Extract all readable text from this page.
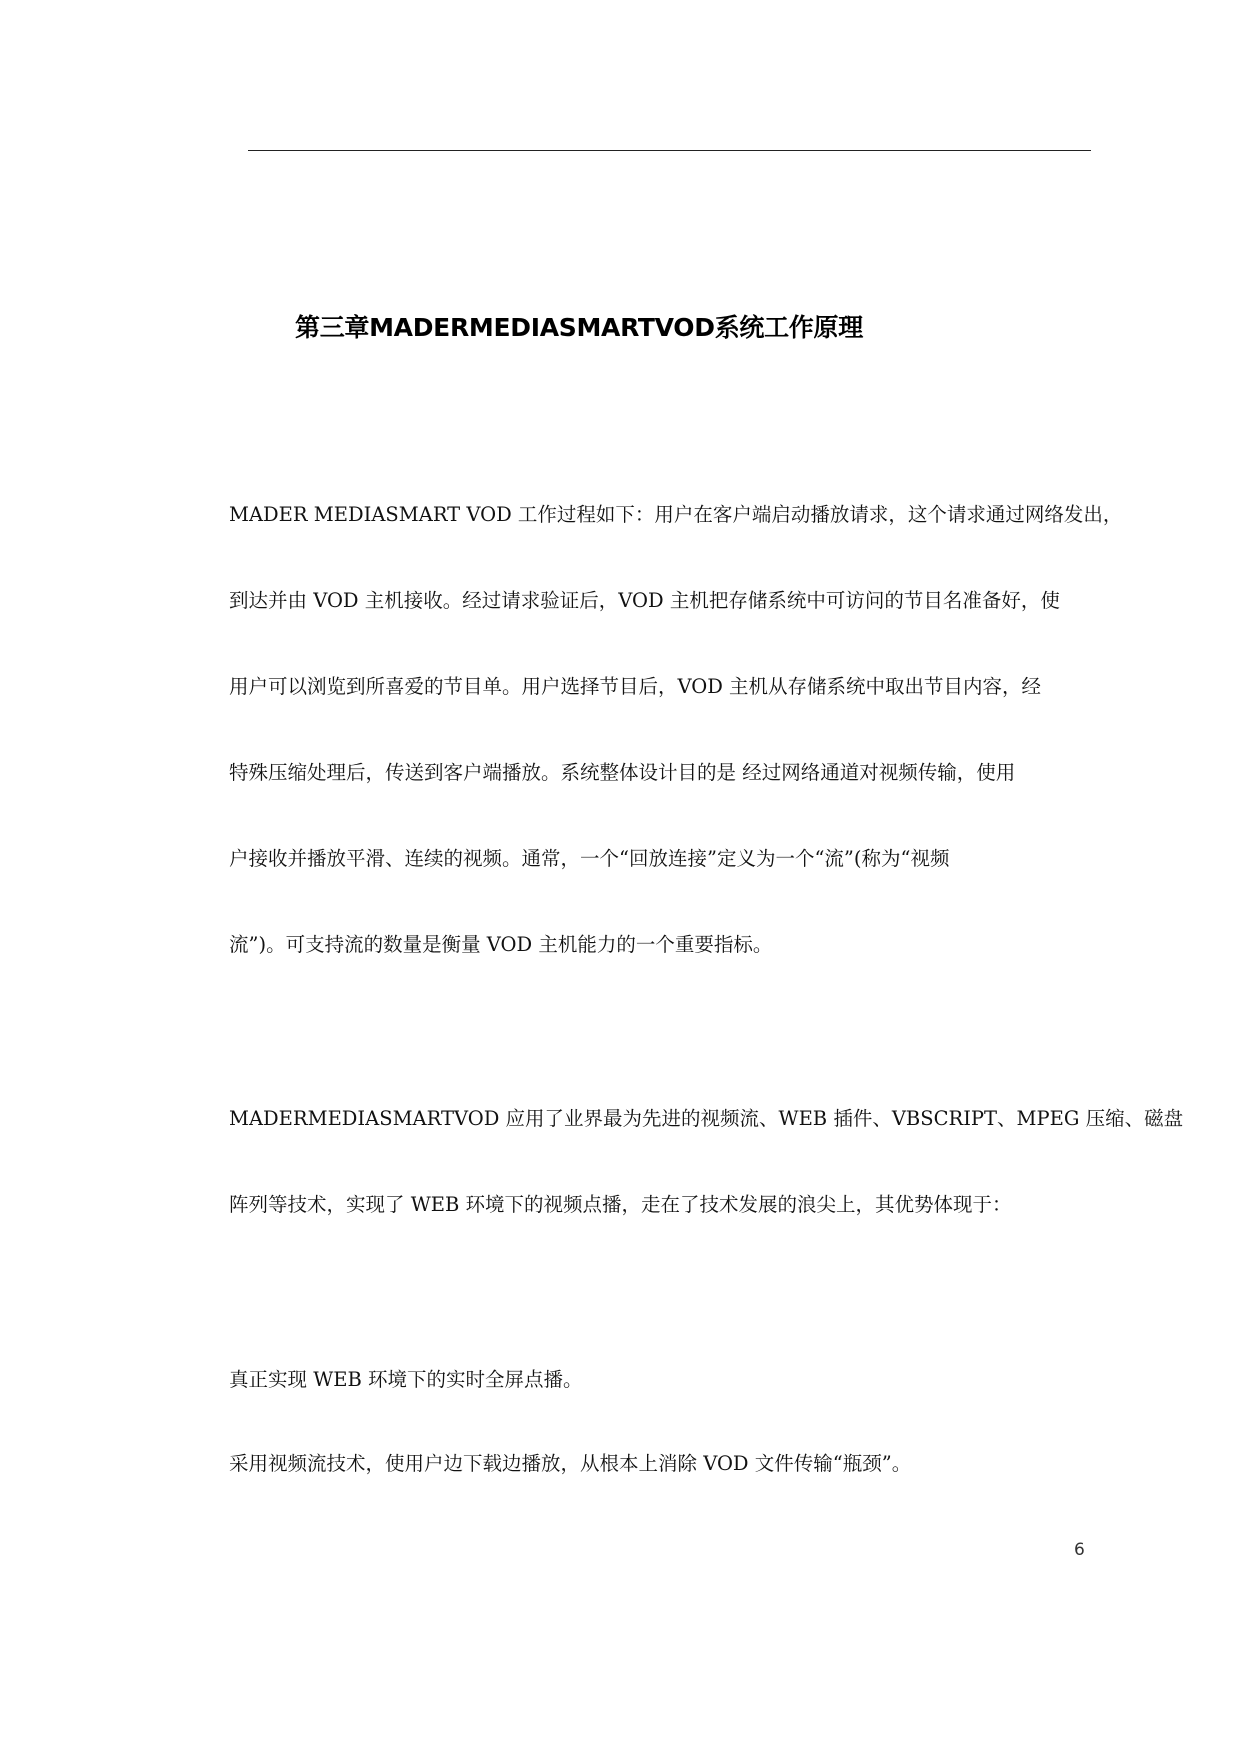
第三章MADERMEDIASMARTVOD系统工作原理

MADER MEDIASMART VOD 工作过程如下：用户在客户端启动播放请求，这个请求通过网络发出，

到达并由 VOD 主机接收。经过请求验证后，VOD 主机把存储系统中可访问的节目名准备好，使

用户可以浏览到所喜爱的节目单。用户选择节目后，VOD 主机从存储系统中取出节目内容，经

特殊压缩处理后，传送到客户端播放。系统整体设计目的是 经过网络通道对视频传输，使用

户接收并播放平滑、连续的视频。通常，一个“回放连接”定义为一个“流”(称为“视频

流”)。可支持流的数量是衡量 VOD 主机能力的一个重要指标。

MADERMEDIASMARTVOD 应用了业界最为先进的视频流、WEB 插件、VBSCRIPT、MPEG 压缩、磁盘

阵列等技术，实现了 WEB 环境下的视频点播，走在了技术发展的浪尖上，其优势体现于：

真正实现 WEB 环境下的实时全屏点播。

采用视频流技术，使用户边下载边播放，从根本上消除 VOD 文件传输“瓶颈”。

6
